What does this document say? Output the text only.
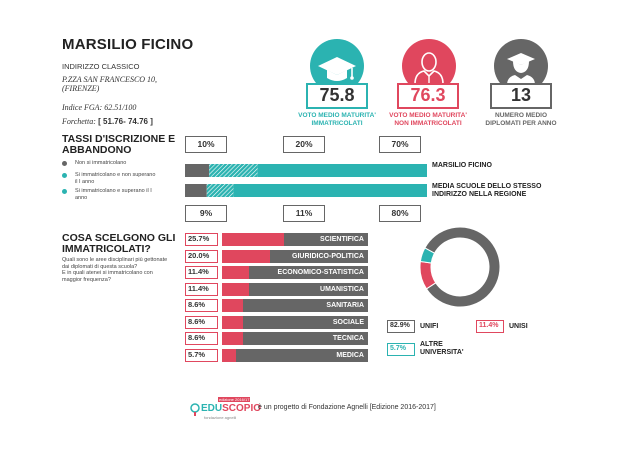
MARSILIO FICINO
INDIRIZZO CLASSICO
P.ZZA SAN FRANCESCO 10,
(FIRENZE)
Indice FGA: 62.51/100
Forchetta: [ 51.76- 74.76 ]
75.8
VOTO MEDIO MATURITA'
IMMATRICOLATI
76.3
VOTO MEDIO MATURITA'
NON IMMATRICOLATI
13
NUMERO MEDIO
DIPLOMATI PER ANNO
TASSI D'ISCRIZIONE E
ABBANDONO
Non si immatricolano
Si immatricolano e non superano
il I anno
Si immatricolano e superano il I
anno
10%	20%	70%
MARSILIO FICINO
MEDIA SCUOLE DELLO STESSO
INDIRIZZO NELLA REGIONE
9%	11%	80%
COSA SCELGONO GLI
IMMATRICOLATI?
Quali sono le aree disciplinari più gettonate
dai diplomati di questa scuola?
E in quali atenei si immatricolano con
maggior frequenza?
25.7%	SCIENTIFICA
20.0%	GIURIDICO-POLITICA
11.4%	ECONOMICO-STATISTICA
11.4%	UMANISTICA
8.6%	SANITARIA
8.6%	SOCIALE
8.6%	TECNICA
5.7%	MEDICA
82.9%	UNIFI	11.4%	UNISI
5.7%
ALTRE
UNIVERSITA'
edizione 2016/17
EDUSCOPIO
fondazione agnelli
è un progetto di Fondazione Agnelli [Edizione 2016-2017]
